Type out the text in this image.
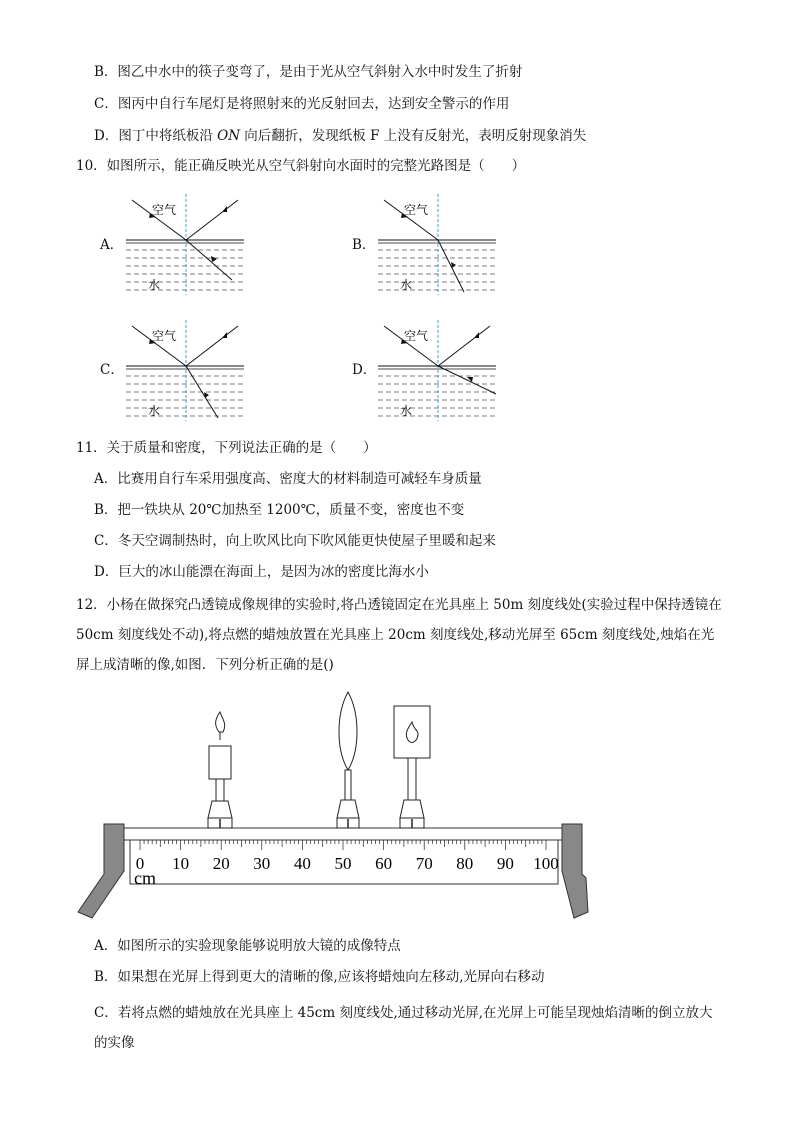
B．图乙中水中的筷子变弯了，是由于光从空气斜射入水中时发生了折射
C．图丙中自行车尾灯是将照射来的光反射回去，达到安全警示的作用
D．图丁中将纸板沿 ON 向后翻折，发现纸板 F 上没有反射光，表明反射现象消失
10．如图所示，能正确反映光从空气斜射向水面时的完整光路图是（　　）
A．	B．
C．	D．
空气
水
空气
水
空气
水
空气
水
11．关于质量和密度，下列说法正确的是（　　）
A．比赛用自行车采用强度高、密度大的材料制造可减轻车身质量
B．把一铁块从 20℃加热至 1200℃，质量不变，密度也不变
C．冬天空调制热时，向上吹风比向下吹风能更快使屋子里暖和起来
D．巨大的冰山能漂在海面上，是因为冰的密度比海水小
12．小杨在做探究凸透镜成像规律的实验时,将凸透镜固定在光具座上 50m 刻度线处(实验过程中保持透镜在 50cm 刻度线处不动),将点燃的蜡烛放置在光具座上 20cm 刻度线处,移动光屏至 65cm 刻度线处,烛焰在光屏上成清晰的像,如图．下列分析正确的是()
0 10 20 30 40 50 60 70 80 90 100
cm
A．如图所示的实验现象能够说明放大镜的成像特点
B．如果想在光屏上得到更大的清晰的像,应该将蜡烛向左移动,光屏向右移动
C．若将点燃的蜡烛放在光具座上 45cm 刻度线处,通过移动光屏,在光屏上可能呈现烛焰清晰的倒立放大的实像
